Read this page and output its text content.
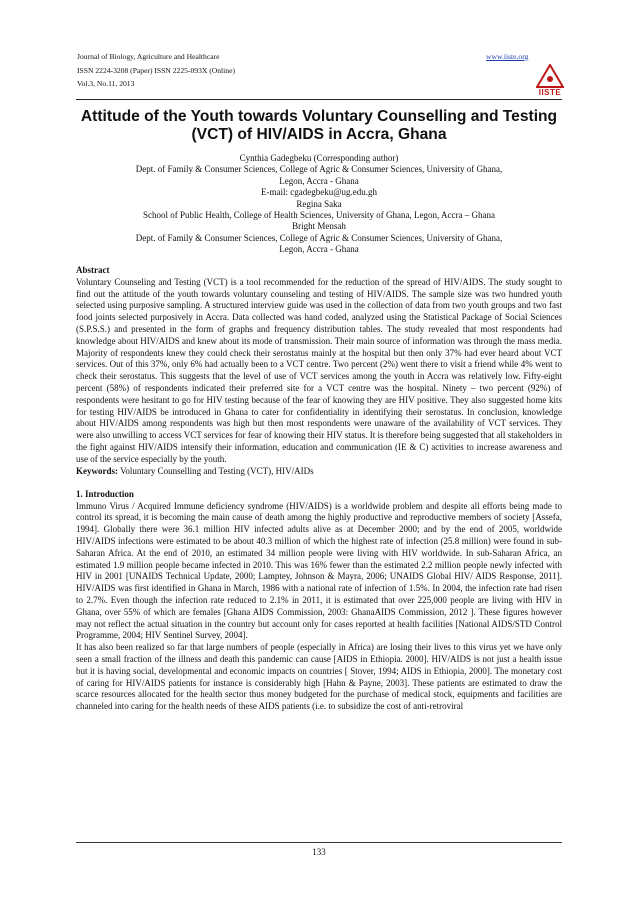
Journal of Biology, Agriculture and Healthcare
ISSN 2224-3208 (Paper) ISSN 2225-093X (Online)
Vol.3, No.11, 2013
www.iiste.org
IISTE
Attitude of the Youth towards Voluntary Counselling and Testing (VCT) of HIV/AIDS in Accra, Ghana
Cynthia Gadegbeku (Corresponding author)
Dept. of Family & Consumer Sciences, College of Agric & Consumer Sciences, University of Ghana,
Legon, Accra - Ghana
E-mail: cgadegbeku@ug.edu.gh
Regina Saka
School of Public Health, College of Health Sciences, University of Ghana, Legon, Accra – Ghana
Bright Mensah
Dept. of Family & Consumer Sciences, College of Agric & Consumer Sciences, University of Ghana,
Legon, Accra - Ghana

Abstract

Voluntary Counseling and Testing (VCT) is a tool recommended for the reduction of the spread of HIV/AIDS. The study sought to find out the attitude of the youth towards voluntary counseling and testing of HIV/AIDS. The sample size was two hundred youth selected using purposive sampling. A structured interview guide was used in the collection of data from two youth groups and two fast food joints selected purposively in Accra. Data collected was hand coded, analyzed using the Statistical Package of Social Sciences (S.P.S.S.) and presented in the form of graphs and frequency distribution tables. The study revealed that most respondents had knowledge about HIV/AIDS and knew about its mode of transmission. Their main source of information was through the mass media. Majority of respondents knew they could check their serostatus mainly at the hospital but then only 37% had ever heard about VCT services. Out of this 37%, only 6% had actually been to a VCT centre. Two percent (2%) went there to visit a friend while 4% went to check their serostatus. This suggests that the level of use of VCT services among the youth in Accra was relatively low. Fifty-eight percent (58%) of respondents indicated their preferred site for a VCT centre was the hospital. Ninety – two percent (92%) of respondents were hesitant to go for HIV testing because of the fear of knowing they are HIV positive. They also suggested home kits for testing HIV/AIDS be introduced in Ghana to cater for confidentiality in identifying their serostatus. In conclusion, knowledge about HIV/AIDS among respondents was high but then most respondents were unaware of the availability of VCT services. They were also unwilling to access VCT services for fear of knowing their HIV status. It is therefore being suggested that all stakeholders in the fight against HIV/AIDS intensify their information, education and communication (IE & C) activities to increase awareness and use of the service especially by the youth.

Keywords: Voluntary Counselling and Testing (VCT), HIV/AIDs

1. Introduction

Immuno Virus / Acquired Immune deficiency syndrome (HIV/AIDS) is a worldwide problem and despite all efforts being made to control its spread, it is becoming the main cause of death among the highly productive and reproductive members of society [Assefa, 1994]. Globally there were 36.1 million HIV infected adults alive as at December 2000; and by the end of 2005, worldwide HIV/AIDS infections were estimated to be about 40.3 million of which the highest rate of infection (25.8 million) were found in sub-Saharan Africa. At the end of 2010, an estimated 34 million people were living with HIV worldwide. In sub-Saharan Africa, an estimated 1.9 million people became infected in 2010. This was 16% fewer than the estimated 2.2 million people newly infected with HIV in 2001 [UNAIDS Technical Update, 2000; Lamptey, Johnson & Mayra, 2006; UNAIDS Global HIV/ AIDS Response, 2011]. HIV/AIDS was first identified in Ghana in March, 1986 with a national rate of infection of 1.5%. In 2004, the infection rate had risen to 2.7%. Even though the infection rate reduced to 2.1% in 2011, it is estimated that over 225,000 people are living with HIV in Ghana, over 55% of which are females [Ghana AIDS Commission, 2003: GhanaAIDS Commission, 2012 ]. These figures however may not reflect the actual situation in the country but account only for cases reported at health facilities [National AIDS/STD Control Programme, 2004; HIV Sentinel Survey, 2004].

It has also been realized so far that large numbers of people (especially in Africa) are losing their lives to this virus yet we have only seen a small fraction of the illness and death this pandemic can cause [AIDS in Ethiopia. 2000]. HIV/AIDS is not just a health issue but it is having social, developmental and economic impacts on countries [ Stover, 1994; AIDS in Ethiopia, 2000]. The monetary cost of caring for HIV/AIDS patients for instance is considerably high [Hahn & Payne, 2003]. These patients are estimated to draw the scarce resources allocated for the health sector thus money budgeted for the purchase of medical stock, equipments and facilities are channeled into caring for the health needs of these AIDS patients (i.e. to subsidize the cost of anti-retroviral

133
